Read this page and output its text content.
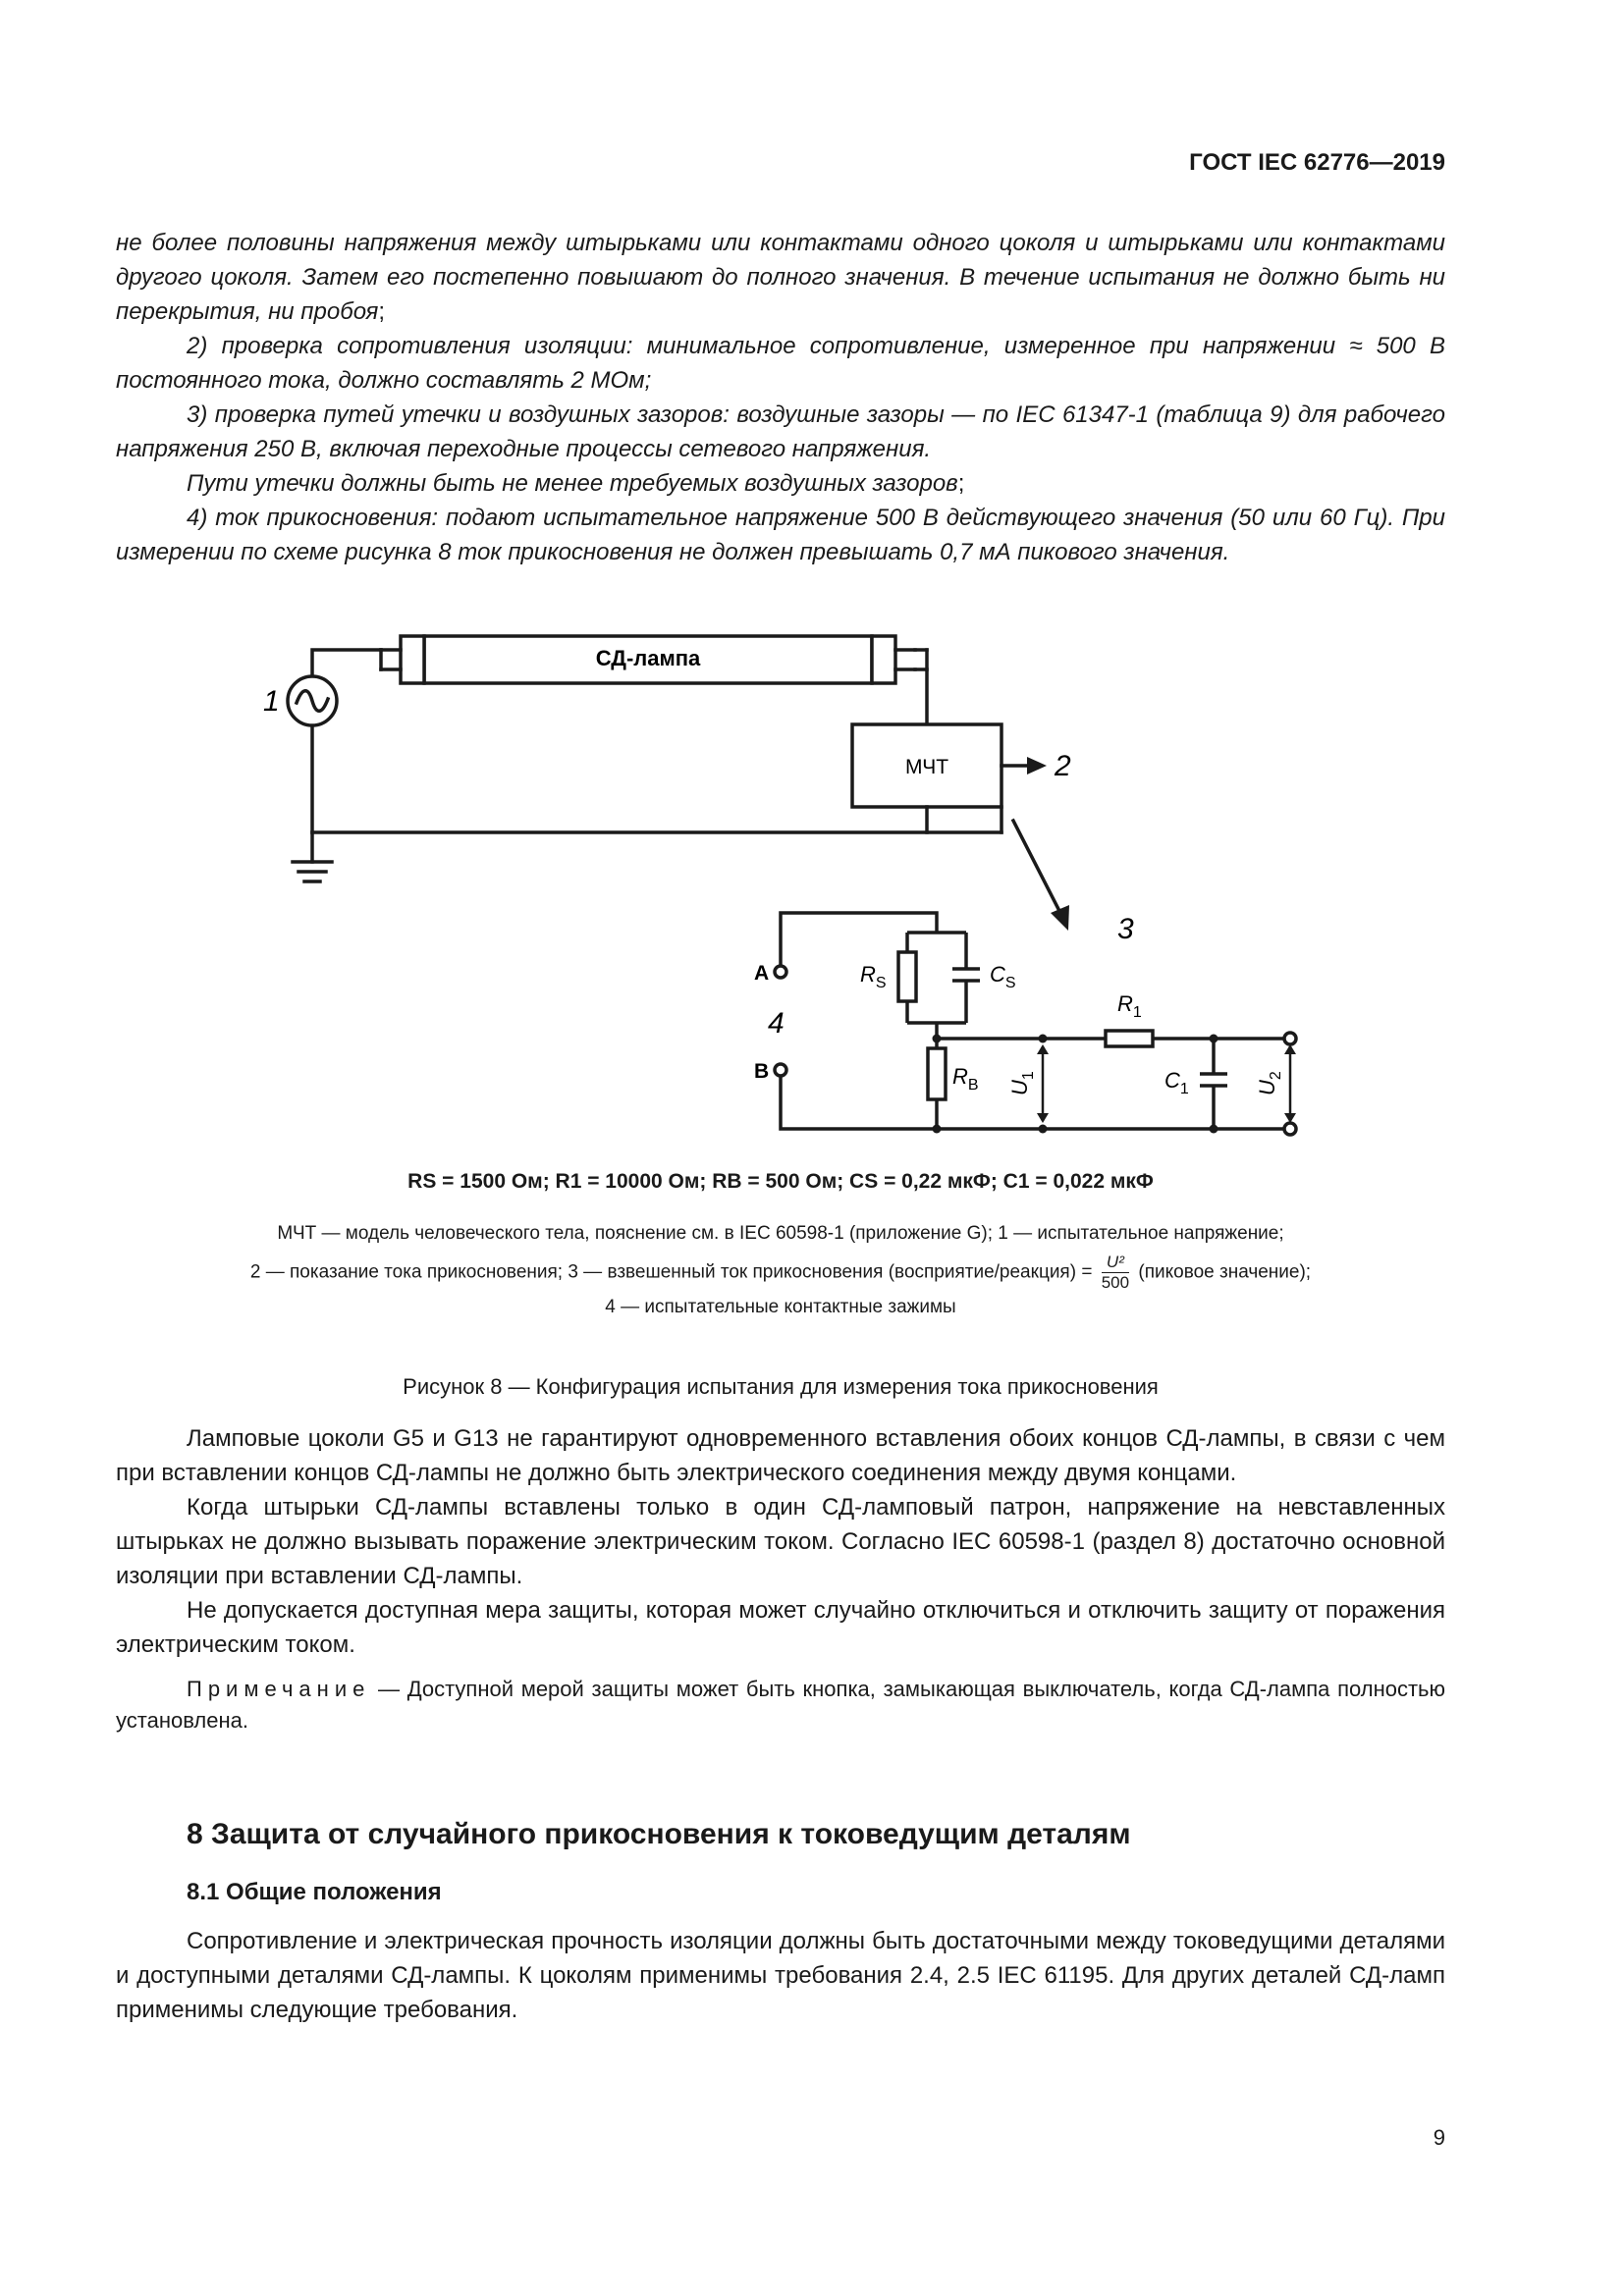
ГОСТ IEC 62776—2019

не более половины напряжения между штырьками или контактами одного цоколя и штырьками или контактами другого цоколя. Затем его постепенно повышают до полного значения. В течение испытания не должно быть ни перекрытия, ни пробоя;

2) проверка сопротивления изоляции: минимальное сопротивление, измеренное при напряжении ≈ 500 В постоянного тока, должно составлять 2 МОм;

3) проверка путей утечки и воздушных зазоров: воздушные зазоры — по IEC 61347-1 (таблица 9) для рабочего напряжения 250 В, включая переходные процессы сетевого напряжения.

Пути утечки должны быть не менее требуемых воздушных зазоров;

4) ток прикосновения: подают испытательное напряжение 500 В действующего значения (50 или 60 Гц). При измерении по схеме рисунка 8 ток прикосновения не должен превышать 0,7 мА пикового значения.

СД-лампа
МЧТ
1
2
3
4
A
B
$R_S$	$C_S$
$R_B$
$R_1$
$C_1$
$U_1$
$U_2$
RS = 1500 Ом; R1 = 10000 Ом; RB = 500 Ом; CS = 0,22 мкФ; C1 = 0,022 мкФ

МЧТ — модель человеческого тела, пояснение см. в IEC 60598-1 (приложение G); 1 — испытательное напряжение;

2 — показание тока прикосновения; 3 — взвешенный ток прикосновения (восприятие/реакция) = $\frac{\text{U²}}{500}$ (пиковое значение);

4 — испытательные контактные зажимы

Рисунок 8 — Конфигурация испытания для измерения тока прикосновения

Ламповые цоколи G5 и G13 не гарантируют одновременного вставления обоих концов СД-лампы, в связи с чем при вставлении концов СД-лампы не должно быть электрического соединения между двумя концами.

Когда штырьки СД-лампы вставлены только в один СД-ламповый патрон, напряжение на невставленных штырьках не должно вызывать поражение электрическим током. Согласно IEC 60598-1 (раздел 8) достаточно основной изоляции при вставлении СД-лампы.

Не допускается доступная мера защиты, которая может случайно отключиться и отключить защиту от поражения электрическим током.

Примечание — Доступной мерой защиты может быть кнопка, замыкающая выключатель, когда СД-лампа полностью установлена.

8 Защита от случайного прикосновения к токоведущим деталям

8.1 Общие положения

Сопротивление и электрическая прочность изоляции должны быть достаточными между токоведущими деталями и доступными деталями СД-лампы. К цоколям применимы требования 2.4, 2.5 IEC 61195. Для других деталей СД-ламп применимы следующие требования.

9
